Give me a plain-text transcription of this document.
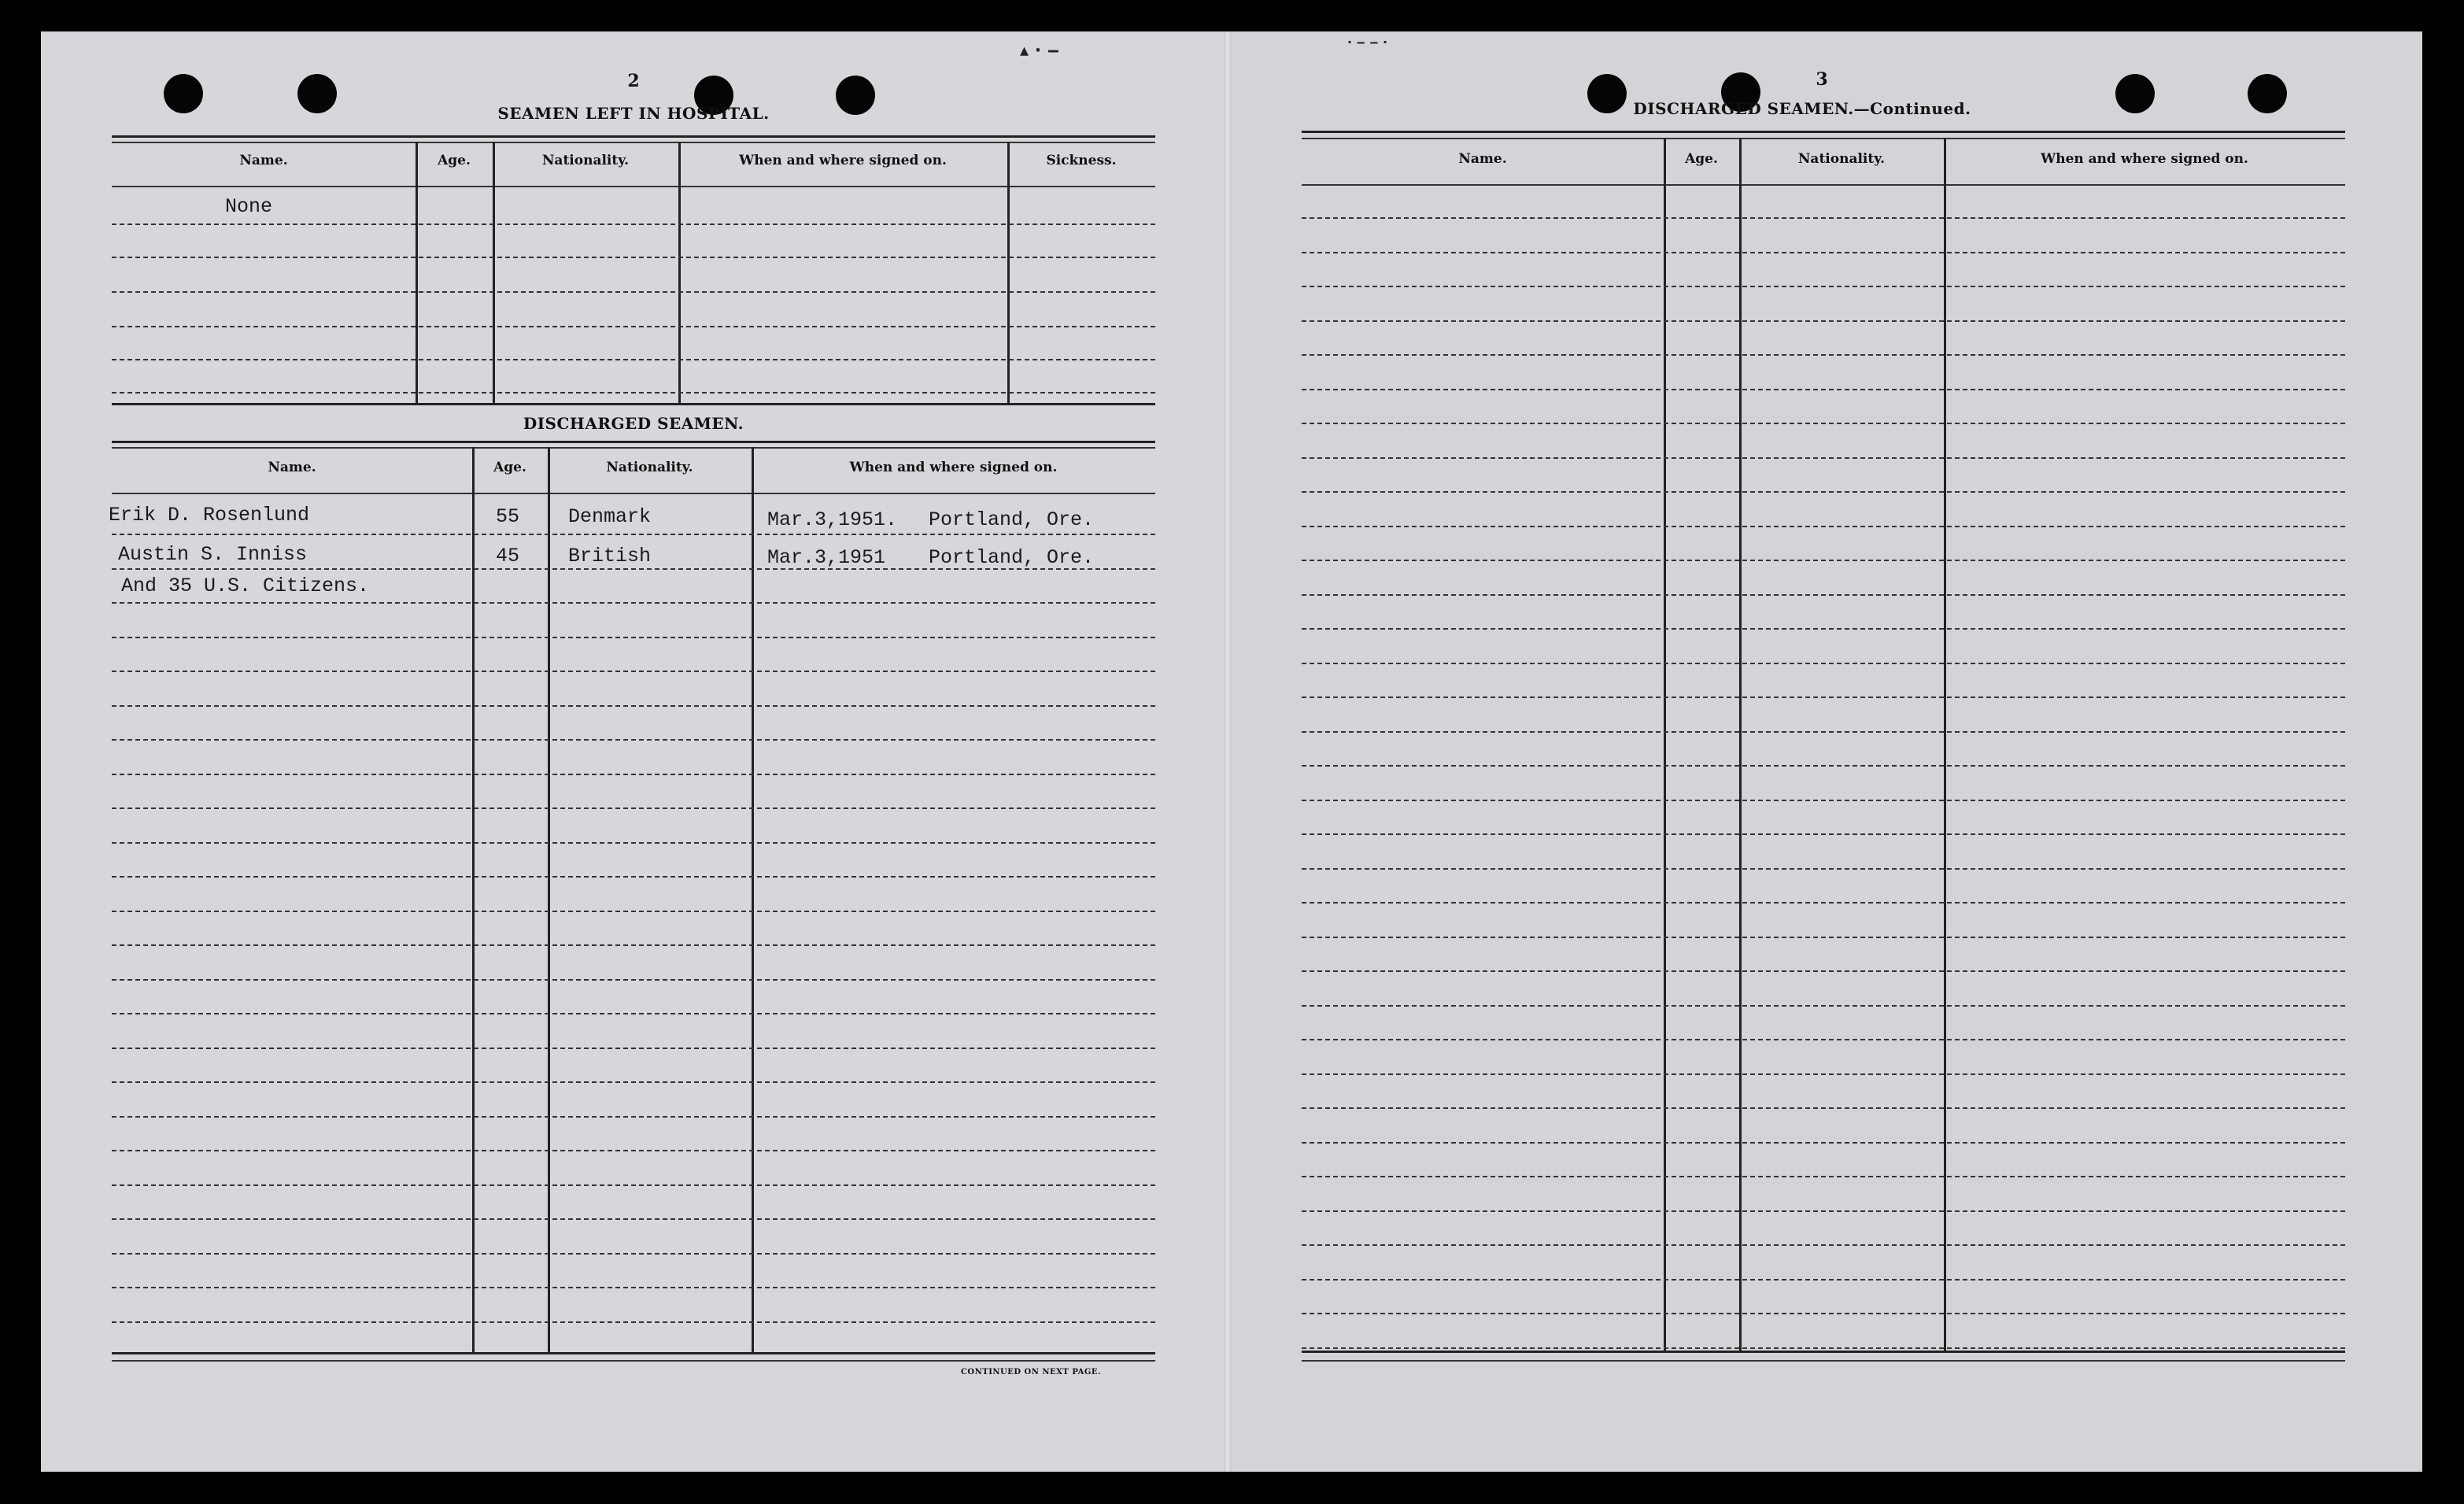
▴ · ‒	· ‒ ‒ ·
2
SEAMEN LEFT IN HOSPITAL.
Name.	Age.	Nationality.	When and where signed on.	Sickness.
None
DISCHARGED SEAMEN.
Name.	Age.	Nationality.	When and where signed on.
Erik D. Rosenlund	55 Denmark	Mar.3,1951. Portland, Ore.
Austin S. Inniss	45 British	Mar.3,1951 Portland, Ore.
And 35 U.S. Citizens.
CONTINUED ON NEXT PAGE.
3
DISCHARGED SEAMEN.—Continued.
Name.	Age.	Nationality.	When and where signed on.
